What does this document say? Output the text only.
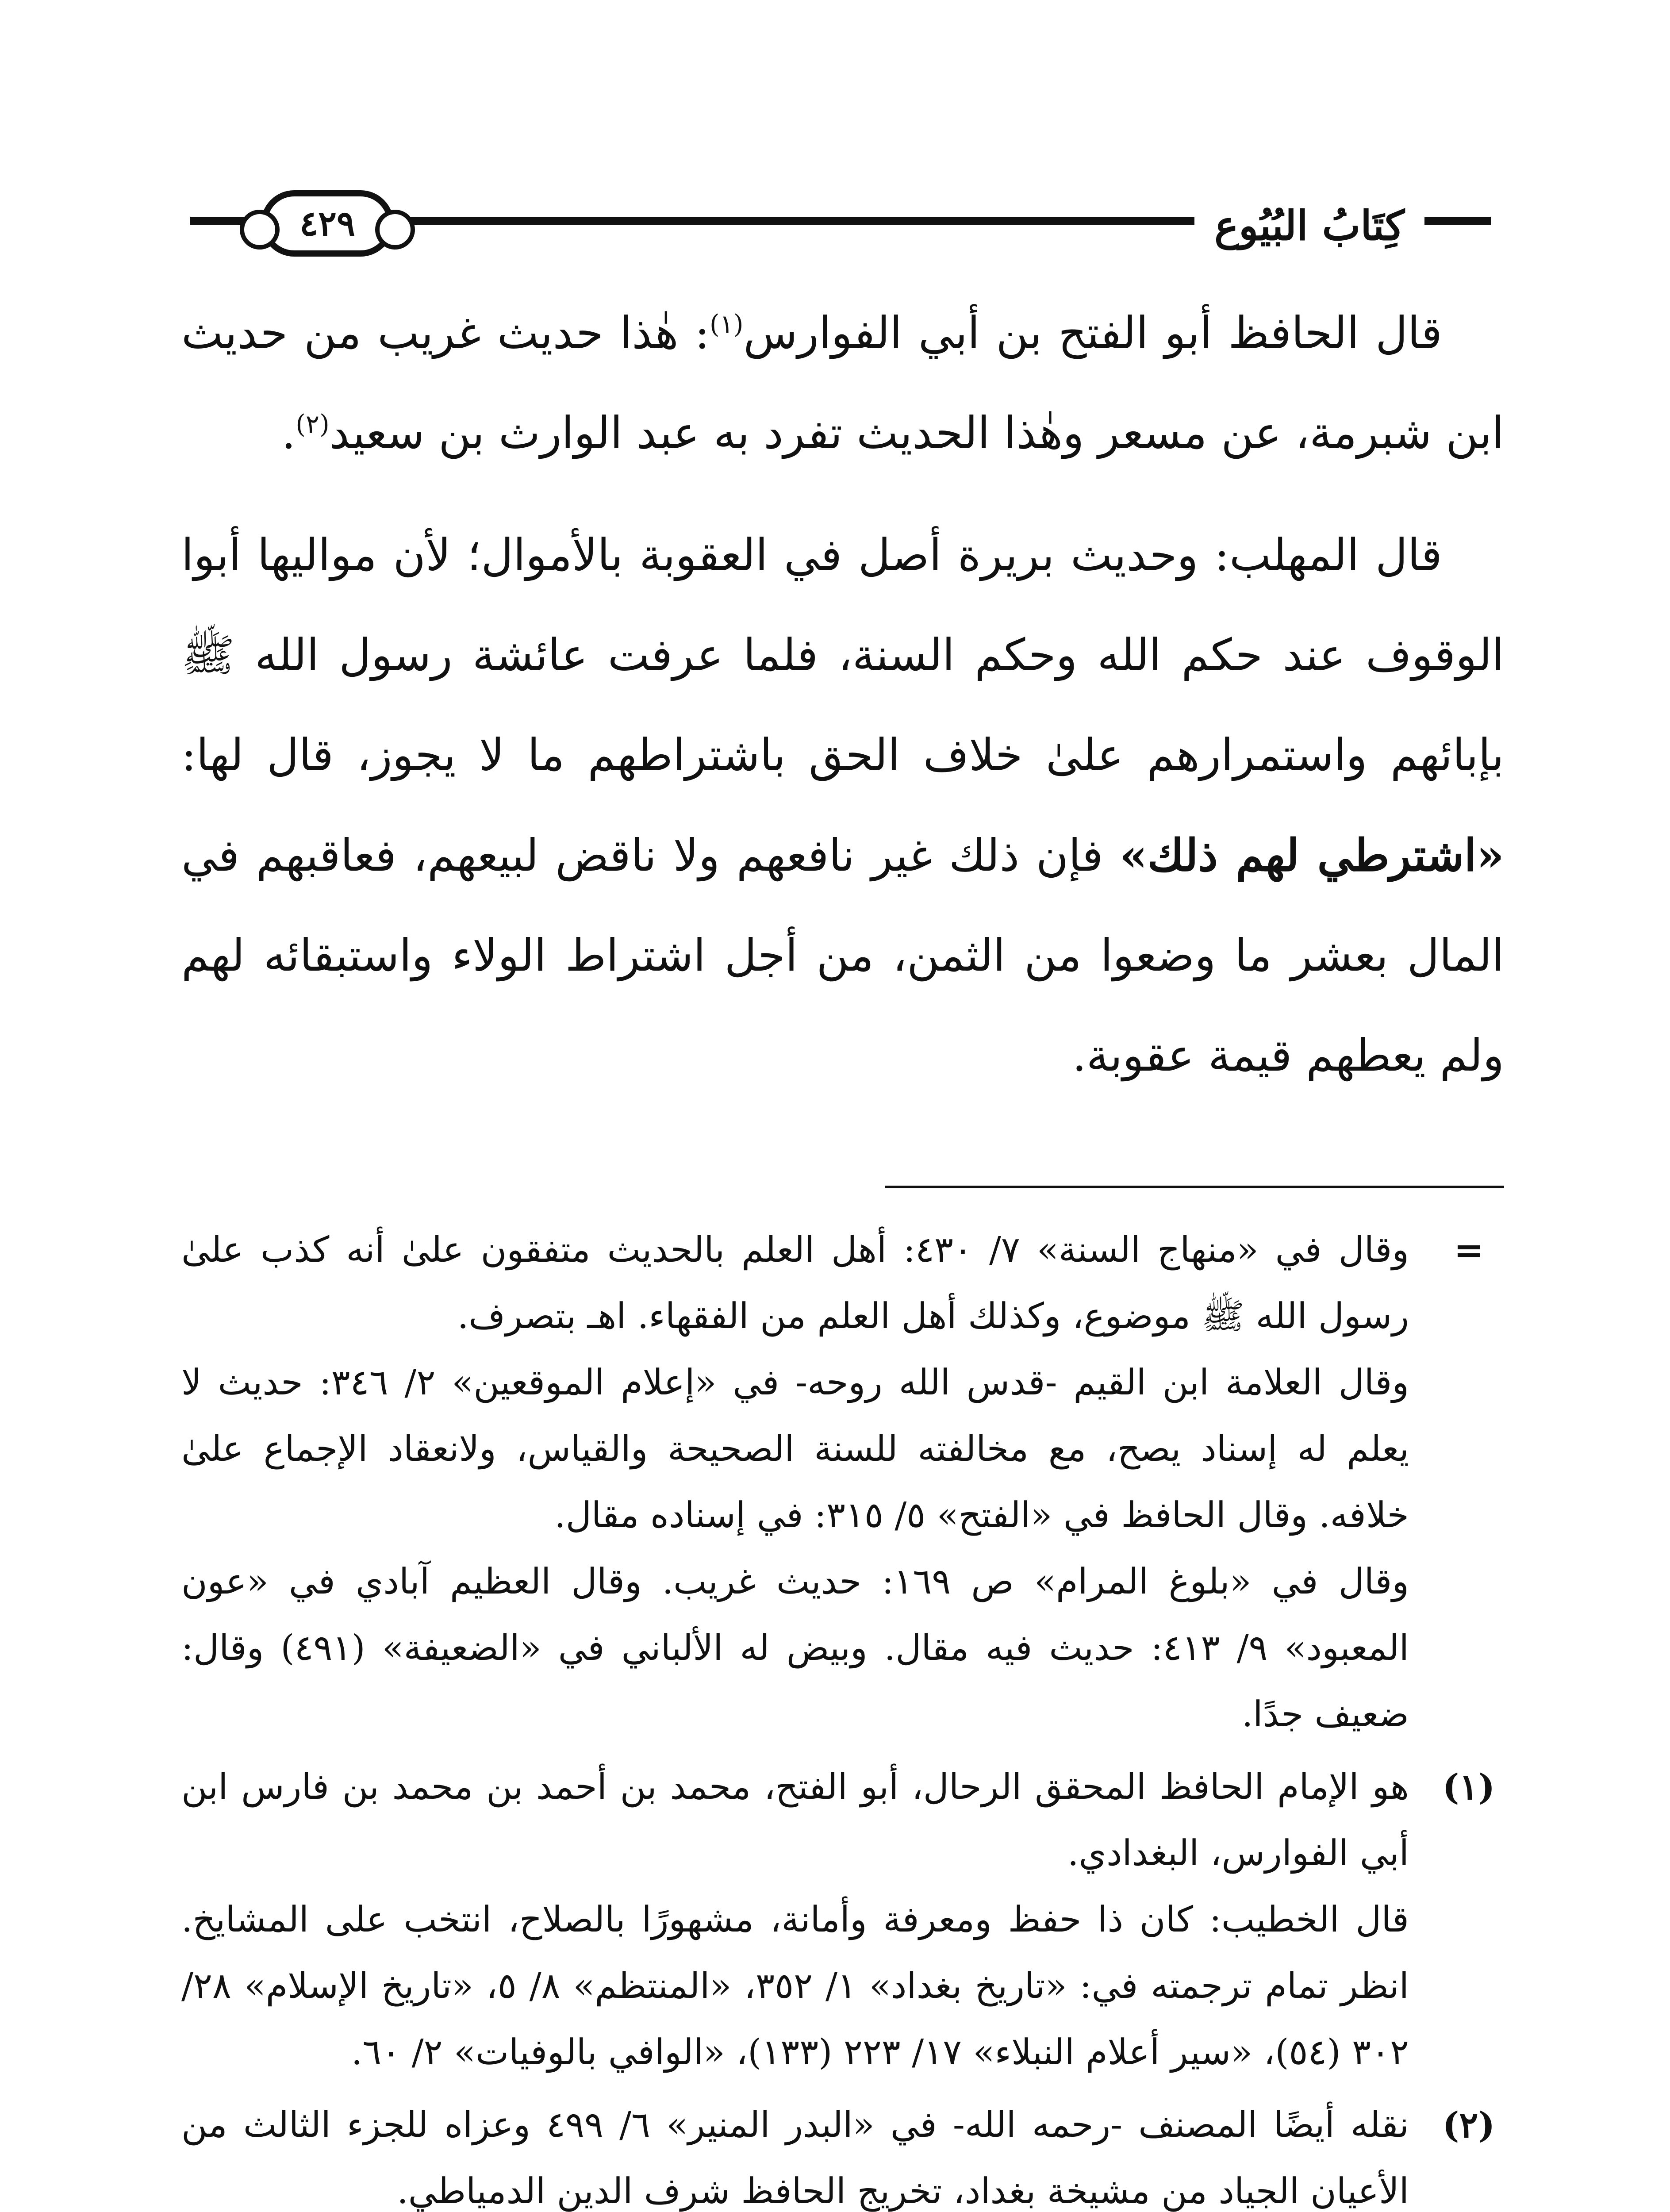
٤٢٩	كِتَابُ البُيُوع

قال الحافظ أبو الفتح بن أبي الفوارس$^{(١)}$: هٰذا حديث غريب من حديث ابن شبرمة، عن مسعر وهٰذا الحديث تفرد به عبد الوارث بن سعيد$^{(٢)}$.

قال المهلب: وحديث بريرة أصل في العقوبة بالأموال؛ لأن مواليها أبوا الوقوف عند حكم الله وحكم السنة، فلما عرفت عائشة رسول الله ﷺ بإبائهم واستمرارهم علىٰ خلاف الحق باشتراطهم ما لا يجوز، قال لها: «اشترطي لهم ذلك» فإن ذلك غير نافعهم ولا ناقض لبيعهم، فعاقبهم في المال بعشر ما وضعوا من الثمن، من أجل اشتراط الولاء واستبقائه لهم ولم يعطهم قيمة عقوبة.

=
وقال في «منهاج السنة» ٧/ ٤٣٠: أهل العلم بالحديث متفقون علىٰ أنه كذب علىٰ رسول الله ﷺ موضوع، وكذلك أهل العلم من الفقهاء. اهـ بتصرف.
وقال العلامة ابن القيم -قدس الله روحه- في «إعلام الموقعين» ٢/ ٣٤٦: حديث لا يعلم له إسناد يصح، مع مخالفته للسنة الصحيحة والقياس، ولانعقاد الإجماع علىٰ خلافه. وقال الحافظ في «الفتح» ٥/ ٣١٥: في إسناده مقال.
وقال في «بلوغ المرام» ص ١٦٩: حديث غريب. وقال العظيم آبادي في «عون المعبود» ٩/ ٤١٣: حديث فيه مقال. وبيض له الألباني في «الضعيفة» (٤٩١) وقال: ضعيف جدًا.
(١)
هو الإمام الحافظ المحقق الرحال، أبو الفتح، محمد بن أحمد بن محمد بن فارس ابن أبي الفوارس، البغدادي.
قال الخطيب: كان ذا حفظ ومعرفة وأمانة، مشهورًا بالصلاح، انتخب على المشايخ. انظر تمام ترجمته في: «تاريخ بغداد» ١/ ٣٥٢، «المنتظم» ٨/ ٥، «تاريخ الإسلام» ٢٨/ ٣٠٢ (٥٤)، «سير أعلام النبلاء» ١٧/ ٢٢٣ (١٣٣)، «الوافي بالوفيات» ٢/ ٦٠.
(٢)
نقله أيضًا المصنف -رحمه الله- في «البدر المنير» ٦/ ٤٩٩ وعزاه للجزء الثالث من الأعيان الجياد من مشيخة بغداد، تخريج الحافظ شرف الدين الدمياطي.
